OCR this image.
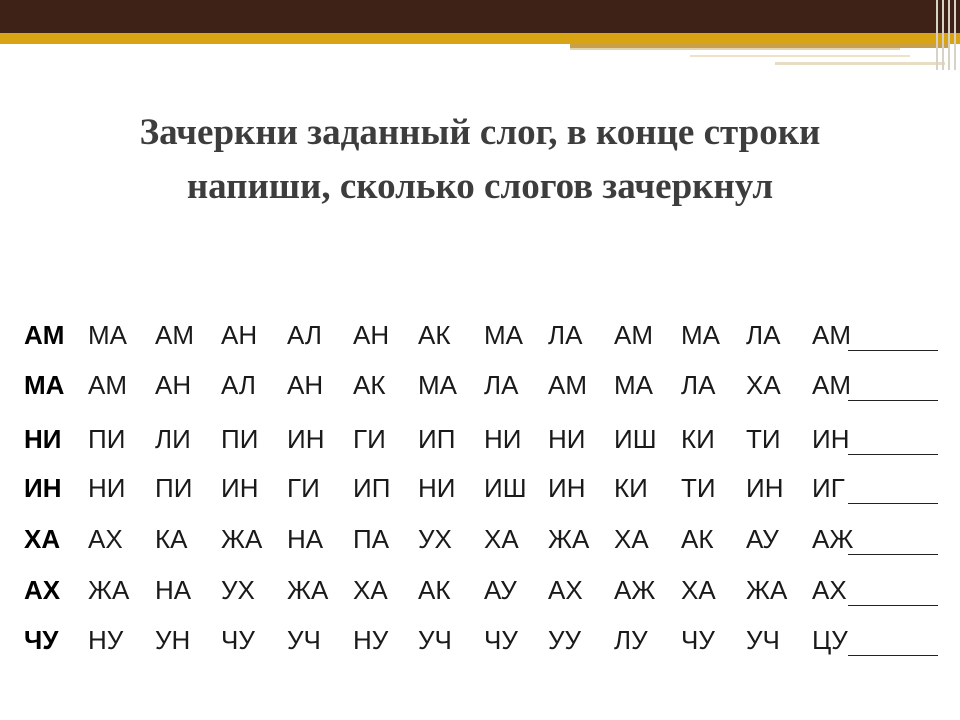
Зачеркни заданный слог, в конце строки
напиши, сколько слогов зачеркнул
АМ МА АМ АН АЛ АН АК МА ЛА АМ МА ЛА АМ
МА АМ АН АЛ АН АК МА ЛА АМ МА ЛА ХА АМ
НИ ПИ ЛИ ПИ ИН ГИ ИП НИ НИ ИШ КИ ТИ ИН
ИН НИ ПИ ИН ГИ ИП НИ ИШ ИН КИ ТИ ИН ИГ
ХА АХ КА ЖА НА ПА УХ ХА ЖА ХА АК АУ АЖ
АХ ЖА НА УХ ЖА ХА АК АУ АХ АЖ ХА ЖА АХ
ЧУ НУ УН ЧУ УЧ НУ УЧ ЧУ УУ ЛУ ЧУ УЧ ЦУ
